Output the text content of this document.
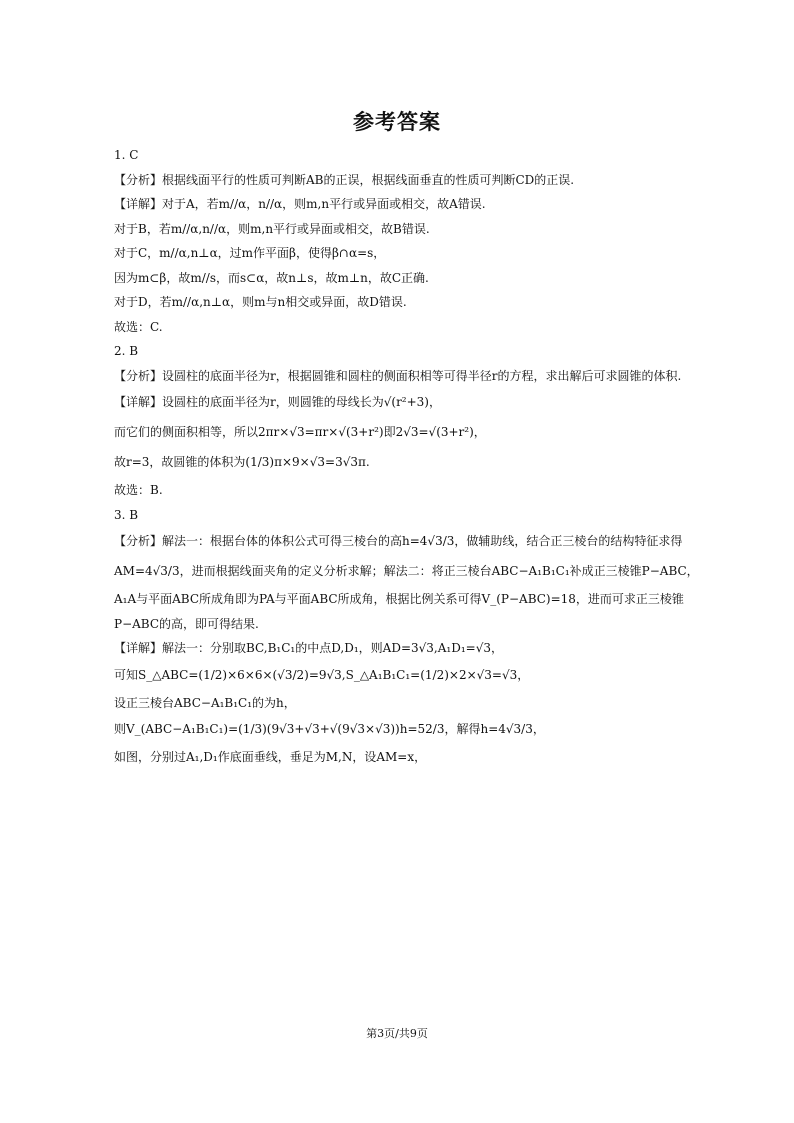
参考答案
1. C
【分析】根据线面平行的性质可判断AB的正误，根据线面垂直的性质可判断CD的正误.
【详解】对于A，若m//α，n//α，则m,n平行或异面或相交，故A错误.
对于B，若m//α,n//α，则m,n平行或异面或相交，故B错误.
对于C，m//α,n⊥α，过m作平面β，使得β∩α=s，
因为m⊂β，故m//s，而s⊂α，故n⊥s，故m⊥n，故C正确.
对于D，若m//α,n⊥α，则m与n相交或异面，故D错误.
故选：C.
2. B
【分析】设圆柱的底面半径为r，根据圆锥和圆柱的侧面积相等可得半径r的方程，求出解后可求圆锥的体积.
【详解】设圆柱的底面半径为r，则圆锥的母线长为√(r²+3)，
而它们的侧面积相等，所以2πr×√3=πr×√(3+r²)即2√3=√(3+r²)，
故r=3，故圆锥的体积为(1/3)π×9×√3=3√3π.
故选：B.
3. B
【分析】解法一：根据台体的体积公式可得三棱台的高h=4√3/3，做辅助线，结合正三棱台的结构特征求得
AM=4√3/3，进而根据线面夹角的定义分析求解；解法二：将正三棱台ABC−A₁B₁C₁补成正三棱锥P−ABC，
A₁A与平面ABC所成角即为PA与平面ABC所成角，根据比例关系可得V_(P−ABC)=18，进而可求正三棱锥
P−ABC的高，即可得结果.
【详解】解法一：分别取BC,B₁C₁的中点D,D₁，则AD=3√3,A₁D₁=√3，
可知S_△ABC=(1/2)×6×6×(√3/2)=9√3,S_△A₁B₁C₁=(1/2)×2×√3=√3，
设正三棱台ABC−A₁B₁C₁的为h，
则V_(ABC−A₁B₁C₁)=(1/3)(9√3+√3+√(9√3×√3))h=52/3，解得h=4√3/3，
如图，分别过A₁,D₁作底面垂线，垂足为M,N，设AM=x，
第3页/共9页
